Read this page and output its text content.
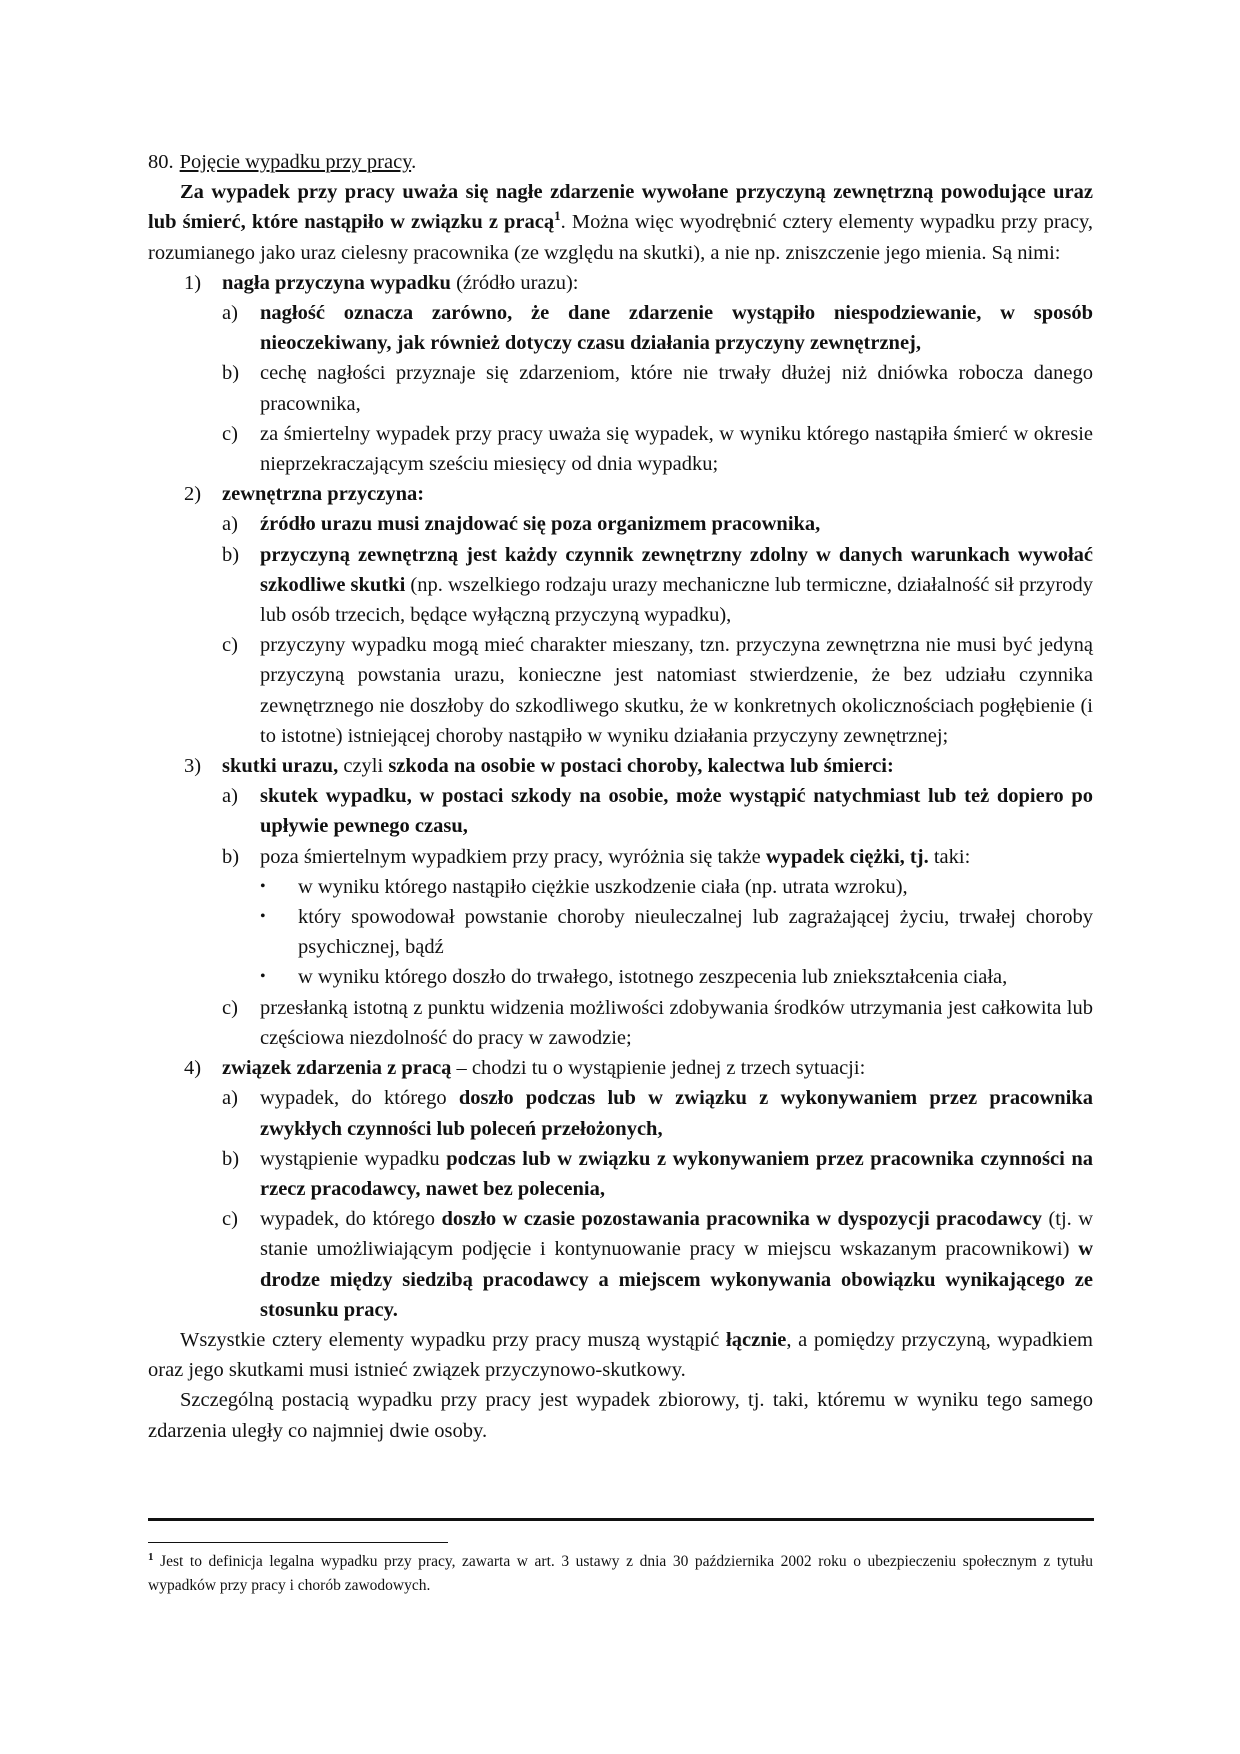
80. Pojęcie wypadku przy pracy.

Za wypadek przy pracy uważa się nagłe zdarzenie wywołane przyczyną zewnętrzną powodujące uraz lub śmierć, które nastąpiło w związku z pracą$^1$. Można więc wyodrębnić cztery elementy wypadku przy pracy, rozumianego jako uraz cielesny pracownika (ze względu na skutki), a nie np. zniszczenie jego mienia. Są nimi:

1) nagła przyczyna wypadku (źródło urazu):
a) nagłość oznacza zarówno, że dane zdarzenie wystąpiło niespodziewanie, w sposób nieoczekiwany, jak również dotyczy czasu działania przyczyny zewnętrznej,
b) cechę nagłości przyznaje się zdarzeniom, które nie trwały dłużej niż dniówka robocza danego pracownika,
c) za śmiertelny wypadek przy pracy uważa się wypadek, w wyniku którego nastąpiła śmierć w okresie nieprzekraczającym sześciu miesięcy od dnia wypadku;
2) zewnętrzna przyczyna:
a) źródło urazu musi znajdować się poza organizmem pracownika,
b) przyczyną zewnętrzną jest każdy czynnik zewnętrzny zdolny w danych warunkach wywołać szkodliwe skutki (np. wszelkiego rodzaju urazy mechaniczne lub termiczne, działalność sił przyrody lub osób trzecich, będące wyłączną przyczyną wypadku),
c) przyczyny wypadku mogą mieć charakter mieszany, tzn. przyczyna zewnętrzna nie musi być jedyną przyczyną powstania urazu, konieczne jest natomiast stwierdzenie, że bez udziału czynnika zewnętrznego nie doszłoby do szkodliwego skutku, że w konkretnych okolicznościach pogłębienie (i to istotne) istniejącej choroby nastąpiło w wyniku działania przyczyny zewnętrznej;
3) skutki urazu, czyli szkoda na osobie w postaci choroby, kalectwa lub śmierci:
a) skutek wypadku, w postaci szkody na osobie, może wystąpić natychmiast lub też dopiero po upływie pewnego czasu,
b) poza śmiertelnym wypadkiem przy pracy, wyróżnia się także wypadek ciężki, tj. taki:
• w wyniku którego nastąpiło ciężkie uszkodzenie ciała (np. utrata wzroku),
• który spowodował powstanie choroby nieuleczalnej lub zagrażającej życiu, trwałej choroby psychicznej, bądź
• w wyniku którego doszło do trwałego, istotnego zeszpecenia lub zniekształcenia ciała,
c) przesłanką istotną z punktu widzenia możliwości zdobywania środków utrzymania jest całkowita lub częściowa niezdolność do pracy w zawodzie;
4) związek zdarzenia z pracą – chodzi tu o wystąpienie jednej z trzech sytuacji:
a) wypadek, do którego doszło podczas lub w związku z wykonywaniem przez pracownika zwykłych czynności lub poleceń przełożonych,
b) wystąpienie wypadku podczas lub w związku z wykonywaniem przez pracownika czynności na rzecz pracodawcy, nawet bez polecenia,
c) wypadek, do którego doszło w czasie pozostawania pracownika w dyspozycji pracodawcy (tj. w stanie umożliwiającym podjęcie i kontynuowanie pracy w miejscu wskazanym pracownikowi) w drodze między siedzibą pracodawcy a miejscem wykonywania obowiązku wynikającego ze stosunku pracy.

Wszystkie cztery elementy wypadku przy pracy muszą wystąpić łącznie, a pomiędzy przyczyną, wypadkiem oraz jego skutkami musi istnieć związek przyczynowo-skutkowy.

Szczególną postacią wypadku przy pracy jest wypadek zbiorowy, tj. taki, któremu w wyniku tego samego zdarzenia uległy co najmniej dwie osoby.

$^1$ Jest to definicja legalna wypadku przy pracy, zawarta w art. 3 ustawy z dnia 30 października 2002 roku o ubezpieczeniu społecznym z tytułu wypadków przy pracy i chorób zawodowych.
